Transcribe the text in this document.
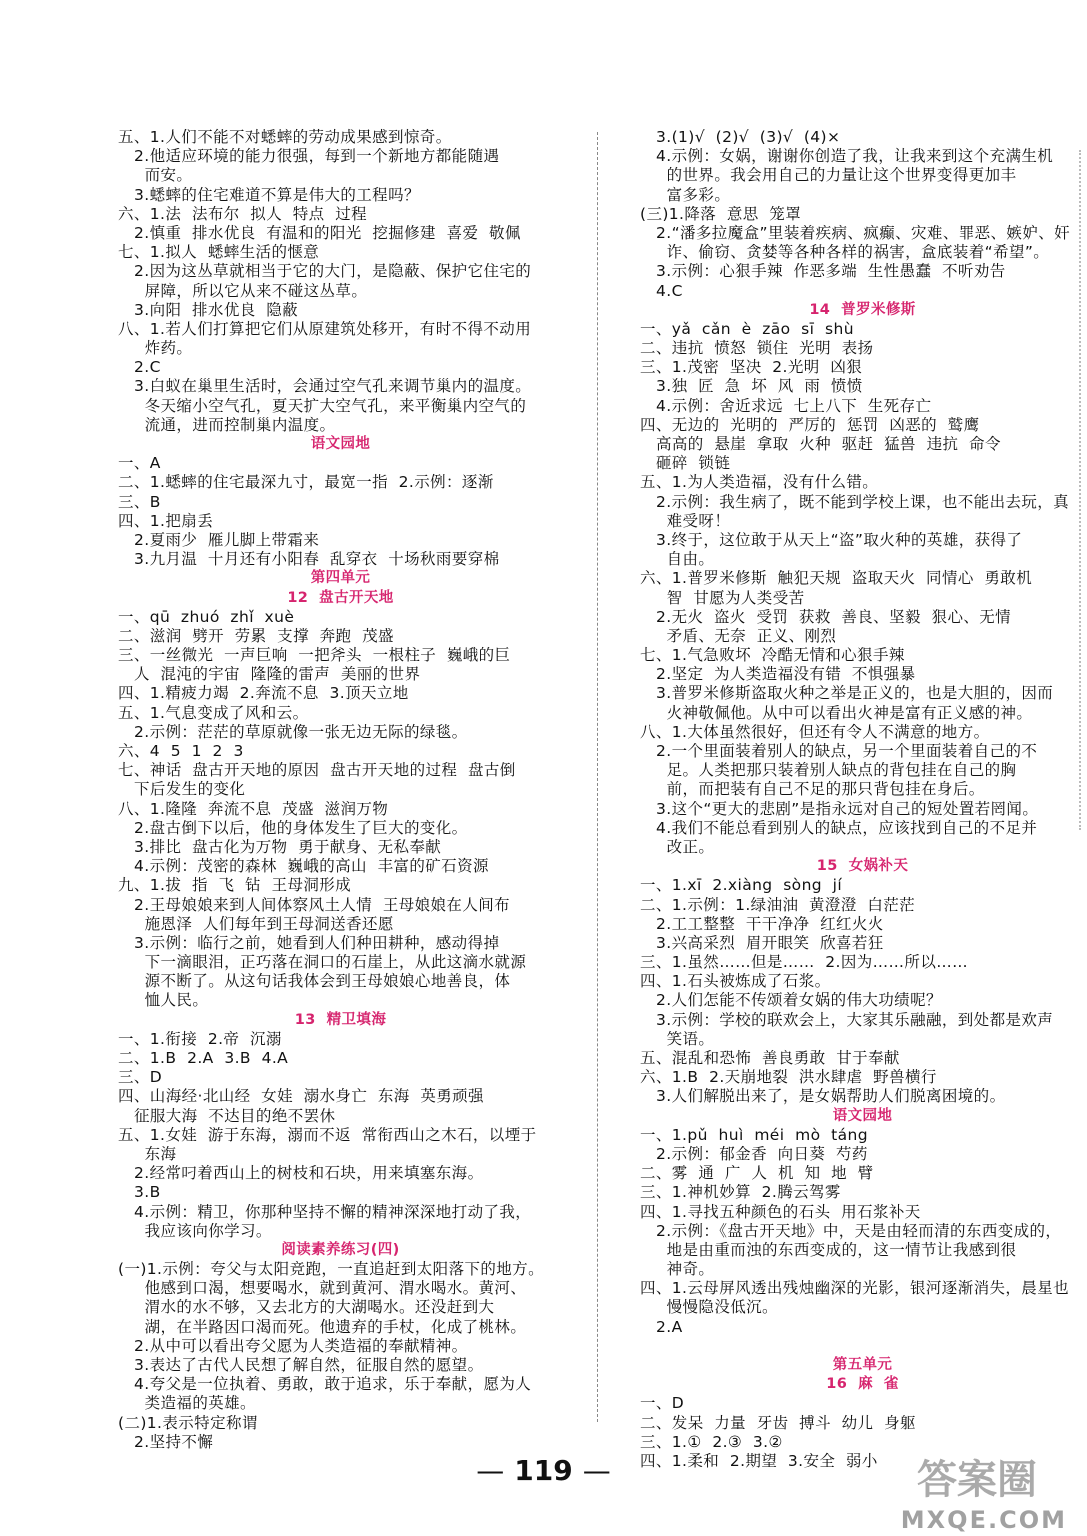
五、1.人们不能不对蟋蟀的劳动成果感到惊奇。
2.他适应环境的能力很强，每到一个新地方都能随遇
而安。
3.蟋蟀的住宅难道不算是伟大的工程吗？
六、1.法  法布尔  拟人  特点  过程
2.慎重  排水优良  有温和的阳光  挖掘修建  喜爱  敬佩
七、1.拟人  蟋蟀生活的惬意
2.因为这丛草就相当于它的大门，是隐蔽、保护它住宅的
屏障，所以它从来不碰这丛草。
3.向阳  排水优良  隐蔽
八、1.若人们打算把它们从原建筑处移开，有时不得不动用
炸药。
2.C
3.白蚁在巢里生活时，会通过空气孔来调节巢内的温度。
冬天缩小空气孔，夏天扩大空气孔，来平衡巢内空气的
流通，进而控制巢内温度。
语文园地
一、A
二、1.蟋蟀的住宅最深九寸，最宽一指  2.示例：逐渐
三、B
四、1.把扇丢
2.夏雨少  雁儿脚上带霜来
3.九月温  十月还有小阳春  乱穿衣  十场秋雨要穿棉
第四单元
12  盘古开天地
一、qū  zhuó  zhǐ  xuè
二、滋润  劈开  劳累  支撑  奔跑  茂盛
三、一丝微光  一声巨响  一把斧头  一根柱子  巍峨的巨
人  混沌的宇宙  隆隆的雷声  美丽的世界
四、1.精疲力竭  2.奔流不息  3.顶天立地
五、1.气息变成了风和云。
2.示例：茫茫的草原就像一张无边无际的绿毯。
六、4  5  1  2  3
七、神话  盘古开天地的原因  盘古开天地的过程  盘古倒
下后发生的变化
八、1.隆隆  奔流不息  茂盛  滋润万物
2.盘古倒下以后，他的身体发生了巨大的变化。
3.排比  盘古化为万物  勇于献身、无私奉献
4.示例：茂密的森林  巍峨的高山  丰富的矿石资源
九、1.拔  指  飞  钻  王母洞形成
2.王母娘娘来到人间体察风土人情  王母娘娘在人间布
施恩泽  人们每年到王母洞送香还愿
3.示例：临行之前，她看到人们种田耕种，感动得掉
下一滴眼泪，正巧落在洞口的石崖上，从此这滴水就源
源不断了。从这句话我体会到王母娘娘心地善良，体
恤人民。
13  精卫填海
一、1.衔接  2.帝  沉溺
二、1.B  2.A  3.B  4.A
三、D
四、山海经·北山经  女娃  溺水身亡  东海  英勇顽强
征服大海  不达目的绝不罢休
五、1.女娃  游于东海，溺而不返  常衔西山之木石，以堙于
东海
2.经常叼着西山上的树枝和石块，用来填塞东海。
3.B
4.示例：精卫，你那种坚持不懈的精神深深地打动了我，
我应该向你学习。
阅读素养练习(四)
(一)1.示例：夸父与太阳竞跑，一直追赶到太阳落下的地方。
他感到口渴，想要喝水，就到黄河、渭水喝水。黄河、
渭水的水不够，又去北方的大湖喝水。还没赶到大
湖，在半路因口渴而死。他遗弃的手杖，化成了桃林。
2.从中可以看出夸父愿为人类造福的奉献精神。
3.表达了古代人民想了解自然，征服自然的愿望。
4.夸父是一位执着、勇敢，敢于追求，乐于奉献，愿为人
类造福的英雄。
(二)1.表示特定称谓
2.坚持不懈
3.(1)√  (2)√  (3)√  (4)×
4.示例：女娲，谢谢你创造了我，让我来到这个充满生机
的世界。我会用自己的力量让这个世界变得更加丰
富多彩。
(三)1.降落  意思  笼罩
2.“潘多拉魔盒”里装着疾病、疯癫、灾难、罪恶、嫉妒、奸
诈、偷窃、贪婪等各种各样的祸害，盒底装着“希望”。
3.示例：心狠手辣  作恶多端  生性愚蠢  不听劝告
4.C
14  普罗米修斯
一、yǎ  cǎn  è  zāo  sī  shù
二、违抗  愤怒  锁住  光明  表扬
三、1.茂密  坚决  2.光明  凶狠
3.独  匠  急  坏  风  雨  愤愤
4.示例：舍近求远  七上八下  生死存亡
四、无边的  光明的  严厉的  惩罚  凶恶的  鹫鹰
高高的  悬崖  拿取  火种  驱赶  猛兽  违抗  命令
砸碎  锁链
五、1.为人类造福，没有什么错。
2.示例：我生病了，既不能到学校上课，也不能出去玩，真
难受呀！
3.终于，这位敢于从天上“盗”取火种的英雄，获得了
自由。
六、1.普罗米修斯  触犯天规  盗取天火  同情心  勇敢机
智  甘愿为人类受苦
2.无火  盗火  受罚  获救  善良、坚毅  狠心、无情
矛盾、无奈  正义、刚烈
七、1.气急败坏  冷酷无情和心狠手辣
2.坚定  为人类造福没有错  不惧强暴
3.普罗米修斯盗取火种之举是正义的，也是大胆的，因而
火神敬佩他。从中可以看出火神是富有正义感的神。
八、1.大体虽然很好，但还有令人不满意的地方。
2.一个里面装着别人的缺点，另一个里面装着自己的不
足。人类把那只装着别人缺点的背包挂在自己的胸
前，而把装有自己不足的那只背包挂在身后。
3.这个“更大的悲剧”是指永远对自己的短处置若罔闻。
4.我们不能总看到别人的缺点，应该找到自己的不足并
改正。
15  女娲补天
一、1.xī  2.xiàng  sòng  jí
二、1.示例：1.绿油油  黄澄澄  白茫茫
2.工工整整  干干净净  红红火火
3.兴高采烈  眉开眼笑  欣喜若狂
三、1.虽然……但是……  2.因为……所以……
四、1.石头被炼成了石浆。
2.人们怎能不传颂着女娲的伟大功绩呢？
3.示例：学校的联欢会上，大家其乐融融，到处都是欢声
笑语。
五、混乱和恐怖  善良勇敢  甘于奉献
六、1.B  2.天崩地裂  洪水肆虐  野兽横行
3.人们解脱出来了，是女娲帮助人们脱离困境的。
语文园地
一、1.pǔ  huì  méi  mò  táng
2.示例：郁金香  向日葵  芍药
二、雾  通  广  人  机  知  地  臂
三、1.神机妙算  2.腾云驾雾
四、1.寻找五种颜色的石头  用石浆补天
2.示例：《盘古开天地》中，天是由轻而清的东西变成的，
地是由重而浊的东西变成的，这一情节让我感到很
神奇。
四、1.云母屏风透出残烛幽深的光影，银河逐渐消失，晨星也
慢慢隐没低沉。
2.A
第五单元
16  麻  雀
一、D
二、发呆  力量  牙齿  搏斗  幼儿  身躯
三、1.①  2.③  3.②
四、1.柔和  2.期望  3.安全  弱小
— 119 —	答案圈
MXQE.COM
